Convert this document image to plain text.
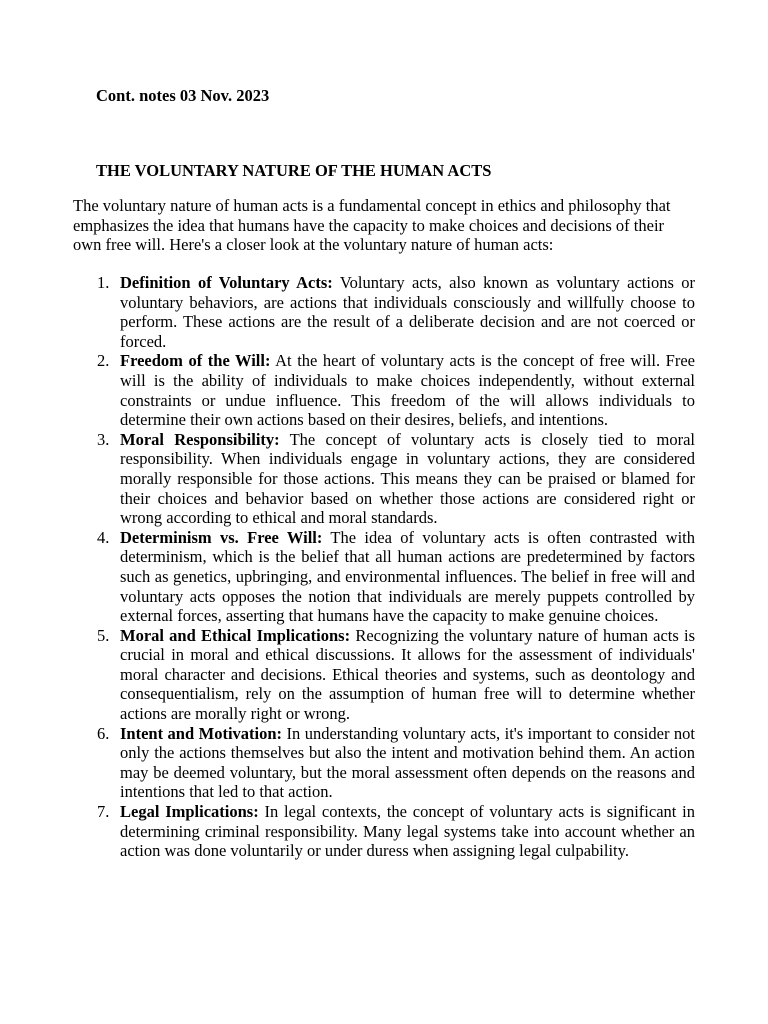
Cont. notes 03 Nov. 2023

THE VOLUNTARY NATURE OF THE HUMAN ACTS

The voluntary nature of human acts is a fundamental concept in ethics and philosophy that emphasizes the idea that humans have the capacity to make choices and decisions of their own free will. Here's a closer look at the voluntary nature of human acts:

1. Definition of Voluntary Acts: Voluntary acts, also known as voluntary actions or voluntary behaviors, are actions that individuals consciously and willfully choose to perform. These actions are the result of a deliberate decision and are not coerced or forced.
2. Freedom of the Will: At the heart of voluntary acts is the concept of free will. Free will is the ability of individuals to make choices independently, without external constraints or undue influence. This freedom of the will allows individuals to determine their own actions based on their desires, beliefs, and intentions.
3. Moral Responsibility: The concept of voluntary acts is closely tied to moral responsibility. When individuals engage in voluntary actions, they are considered morally responsible for those actions. This means they can be praised or blamed for their choices and behavior based on whether those actions are considered right or wrong according to ethical and moral standards.
4. Determinism vs. Free Will: The idea of voluntary acts is often contrasted with determinism, which is the belief that all human actions are predetermined by factors such as genetics, upbringing, and environmental influences. The belief in free will and voluntary acts opposes the notion that individuals are merely puppets controlled by external forces, asserting that humans have the capacity to make genuine choices.
5. Moral and Ethical Implications: Recognizing the voluntary nature of human acts is crucial in moral and ethical discussions. It allows for the assessment of individuals' moral character and decisions. Ethical theories and systems, such as deontology and consequentialism, rely on the assumption of human free will to determine whether actions are morally right or wrong.
6. Intent and Motivation: In understanding voluntary acts, it's important to consider not only the actions themselves but also the intent and motivation behind them. An action may be deemed voluntary, but the moral assessment often depends on the reasons and intentions that led to that action.
7. Legal Implications: In legal contexts, the concept of voluntary acts is significant in determining criminal responsibility. Many legal systems take into account whether an action was done voluntarily or under duress when assigning legal culpability.
